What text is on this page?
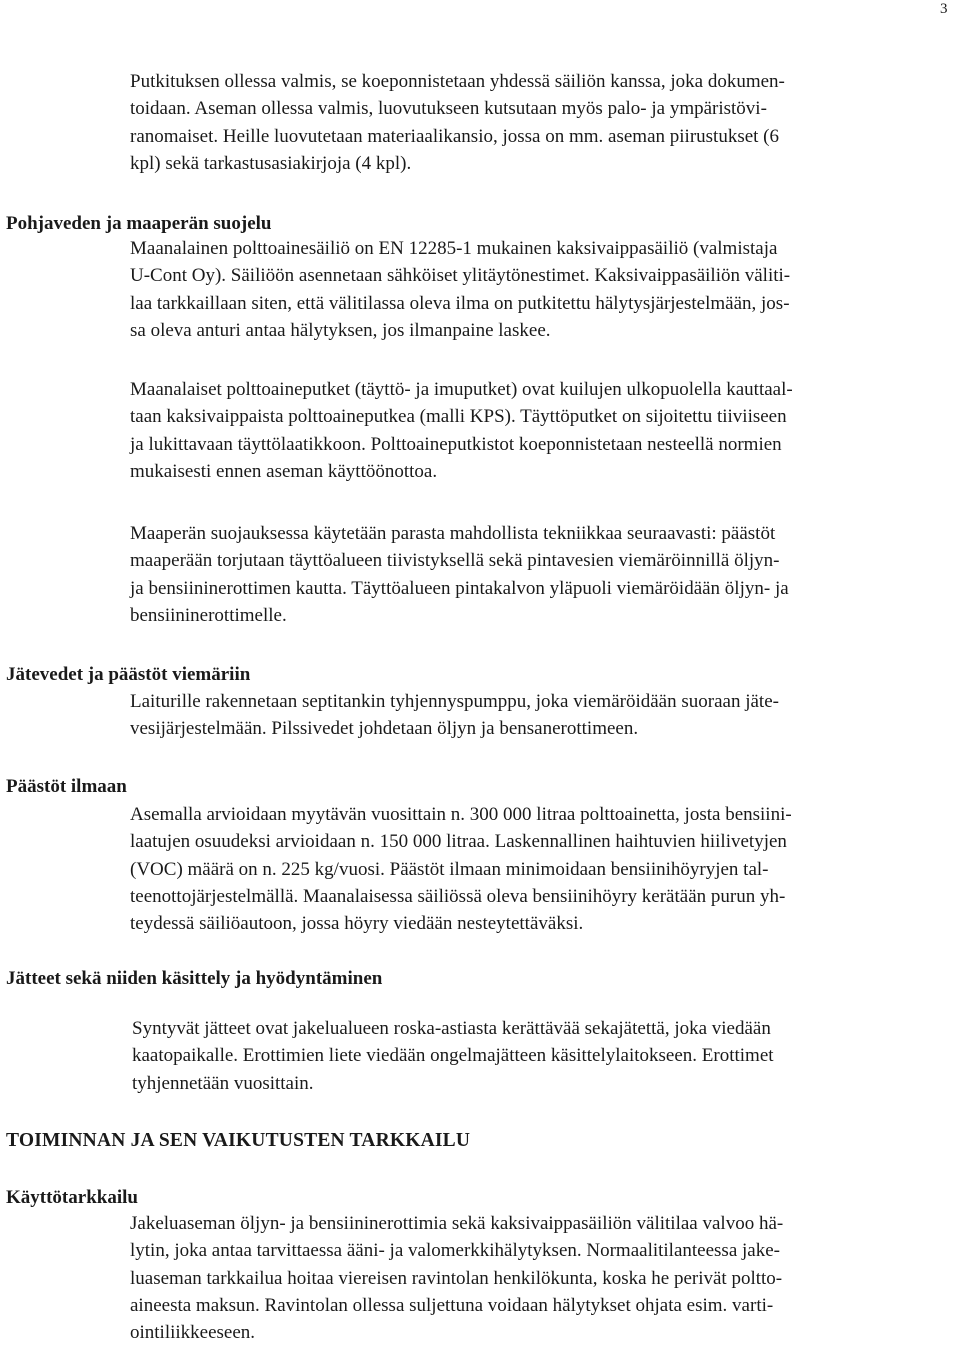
3

Putkituksen ollessa valmis, se koeponnistetaan yhdessä säiliön kanssa, joka dokumen-
toidaan. Aseman ollessa valmis, luovutukseen kutsutaan myös palo- ja ympäristövi-
ranomaiset. Heille luovutetaan materiaalikansio, jossa on mm. aseman piirustukset (6
kpl) sekä tarkastusasiakirjoja (4 kpl).

Pohjaveden ja maaperän suojelu

Maanalainen polttoainesäiliö on EN 12285-1 mukainen kaksivaippasäiliö (valmistaja
U-Cont Oy). Säiliöön asennetaan sähköiset ylitäytönestimet. Kaksivaippasäiliön väliti-
laa tarkkaillaan siten, että välitilassa oleva ilma on putkitettu hälytysjärjestelmään, jos-
sa oleva anturi antaa hälytyksen, jos ilmanpaine laskee.

Maanalaiset polttoaineputket (täyttö- ja imuputket) ovat kuilujen ulkopuolella kauttaal-
taan kaksivaippaista polttoaineputkea (malli KPS). Täyttöputket on sijoitettu tiiviiseen
ja lukittavaan täyttölaatikkoon. Polttoaineputkistot koeponnistetaan nesteellä normien
mukaisesti ennen aseman käyttöönottoa.

Maaperän suojauksessa käytetään parasta mahdollista tekniikkaa seuraavasti: päästöt
maaperään torjutaan täyttöalueen tiivistyksellä sekä pintavesien viemäröinnillä öljyn-
ja bensiininerottimen kautta. Täyttöalueen pintakalvon yläpuoli viemäröidään öljyn- ja
bensiininerottimelle.

Jätevedet ja päästöt viemäriin

Laiturille rakennetaan septitankin tyhjennyspumppu, joka viemäröidään suoraan jäte-
vesijärjestelmään. Pilssivedet johdetaan öljyn ja bensanerottimeen.

Päästöt ilmaan

Asemalla arvioidaan myytävän vuosittain n. 300 000 litraa polttoainetta, josta bensiini-
laatujen osuudeksi arvioidaan n. 150 000 litraa. Laskennallinen haihtuvien hiilivetyjen
(VOC) määrä on n. 225 kg/vuosi. Päästöt ilmaan minimoidaan bensiinihöyryjen tal-
teenottojärjestelmällä. Maanalaisessa säiliössä oleva bensiinihöyry kerätään purun yh-
teydessä säiliöautoon, jossa höyry viedään nesteytettäväksi.

Jätteet sekä niiden käsittely ja hyödyntäminen

Syntyvät jätteet ovat jakelualueen roska-astiasta kerättävää sekajätettä, joka viedään
kaatopaikalle. Erottimien liete viedään ongelmajätteen käsittelylaitokseen. Erottimet
tyhjennetään vuosittain.

TOIMINNAN JA SEN VAIKUTUSTEN TARKKAILU
Käyttötarkkailu

Jakeluaseman öljyn- ja bensiininerottimia sekä kaksivaippasäiliön välitilaa valvoo hä-
lytin, joka antaa tarvittaessa ääni- ja valomerkkihälytyksen. Normaalitilanteessa jake-
luaseman tarkkailua hoitaa viereisen ravintolan henkilökunta, koska he perivät poltto-
aineesta maksun. Ravintolan ollessa suljettuna voidaan hälytykset ohjata esim. varti-
ointiliikkeeseen.
